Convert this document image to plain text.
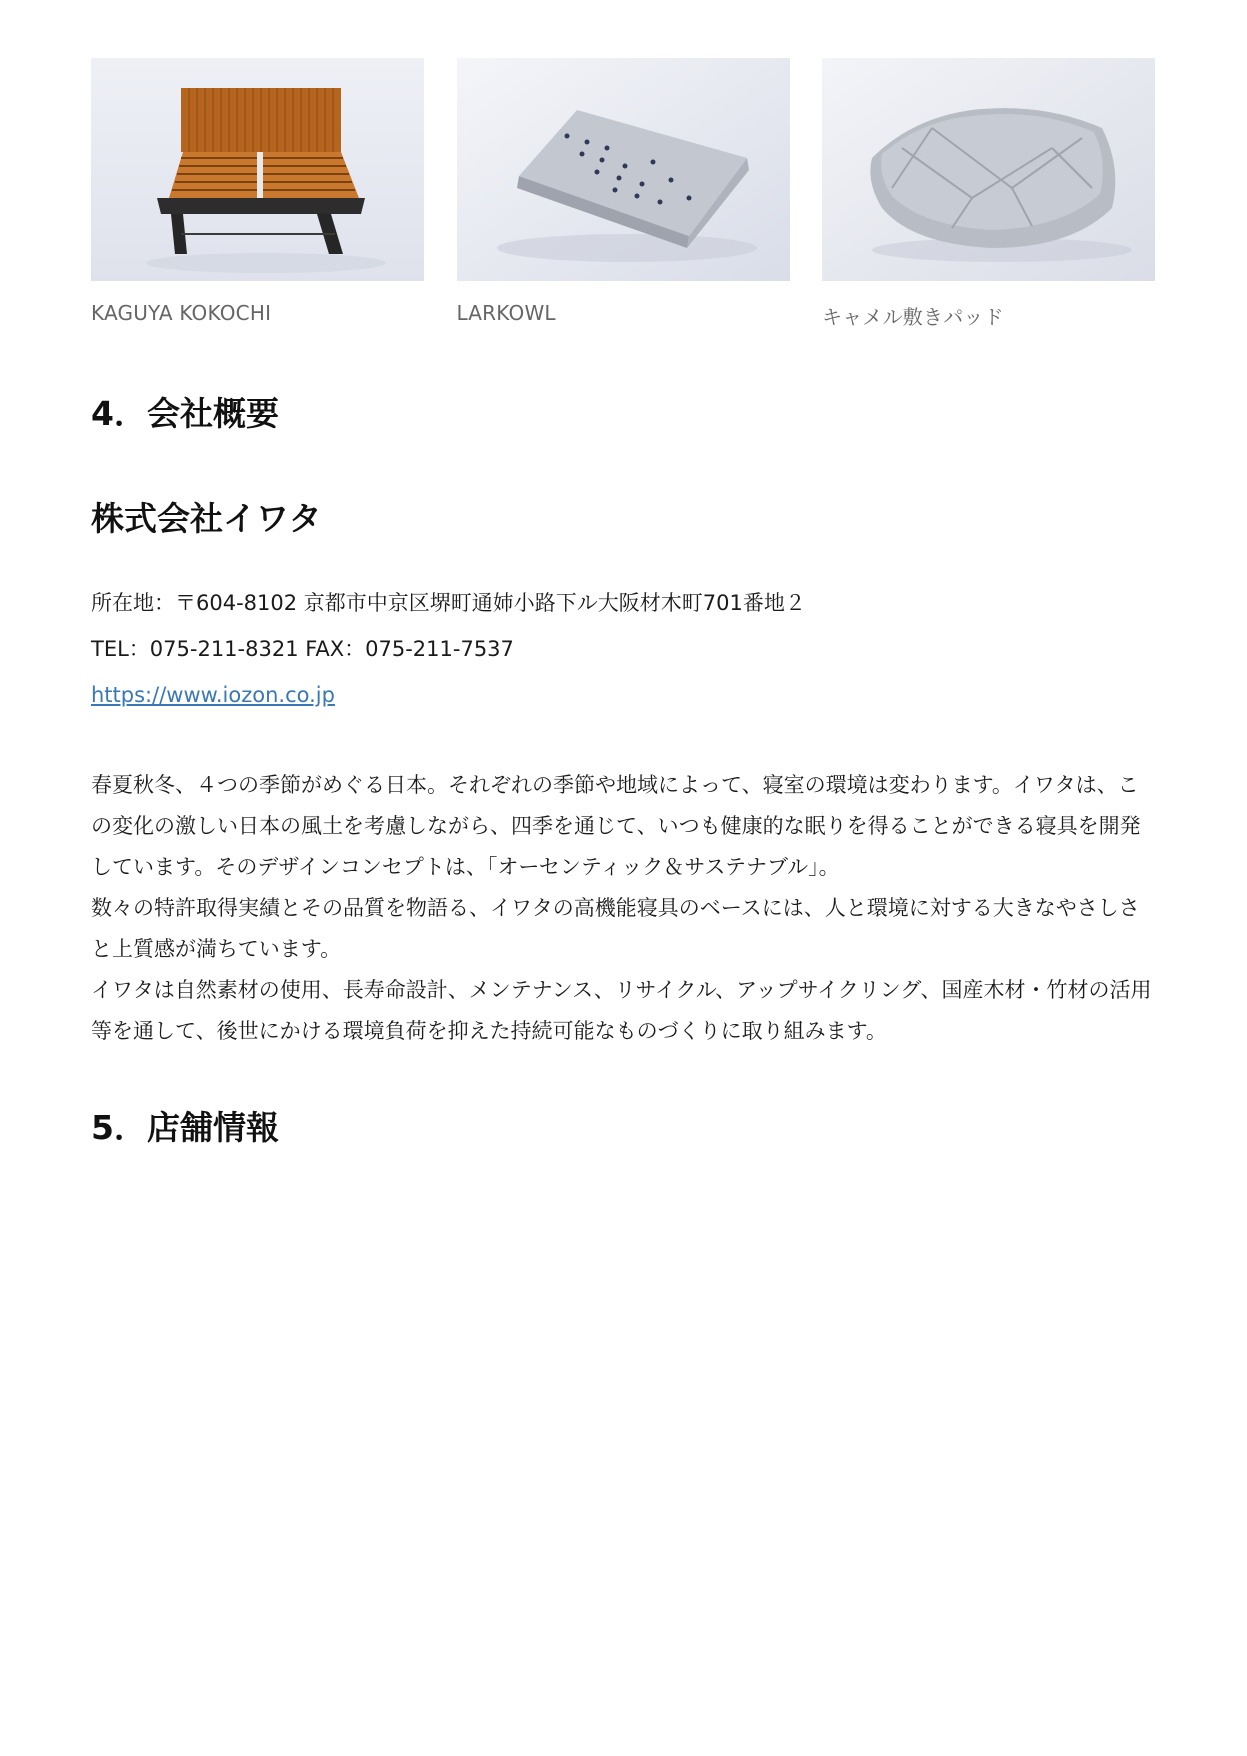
KAGUYA KOKOCHI	LARKOWL	キャメル敷きパッド
4．会社概要
株式会社イワタ
所在地：〒604-8102 京都市中京区堺町通姉小路下ル大阪材木町701番地２
TEL：075-211-8321 FAX：075-211-7537
https://www.iozon.co.jp

春夏秋冬、４つの季節がめぐる日本。それぞれの季節や地域によって、寝室の環境は変わります。イワタは、この変化の激しい日本の風土を考慮しながら、四季を通じて、いつも健康的な眠りを得ることができる寝具を開発しています。そのデザインコンセプトは、「オーセンティック＆サステナブル」。

数々の特許取得実績とその品質を物語る、イワタの高機能寝具のベースには、人と環境に対する大きなやさしさと上質感が満ちています。

イワタは自然素材の使用、長寿命設計、メンテナンス、リサイクル、アップサイクリング、国産木材・竹材の活用等を通して、後世にかける環境負荷を抑えた持続可能なものづくりに取り組みます。

5．店舗情報
